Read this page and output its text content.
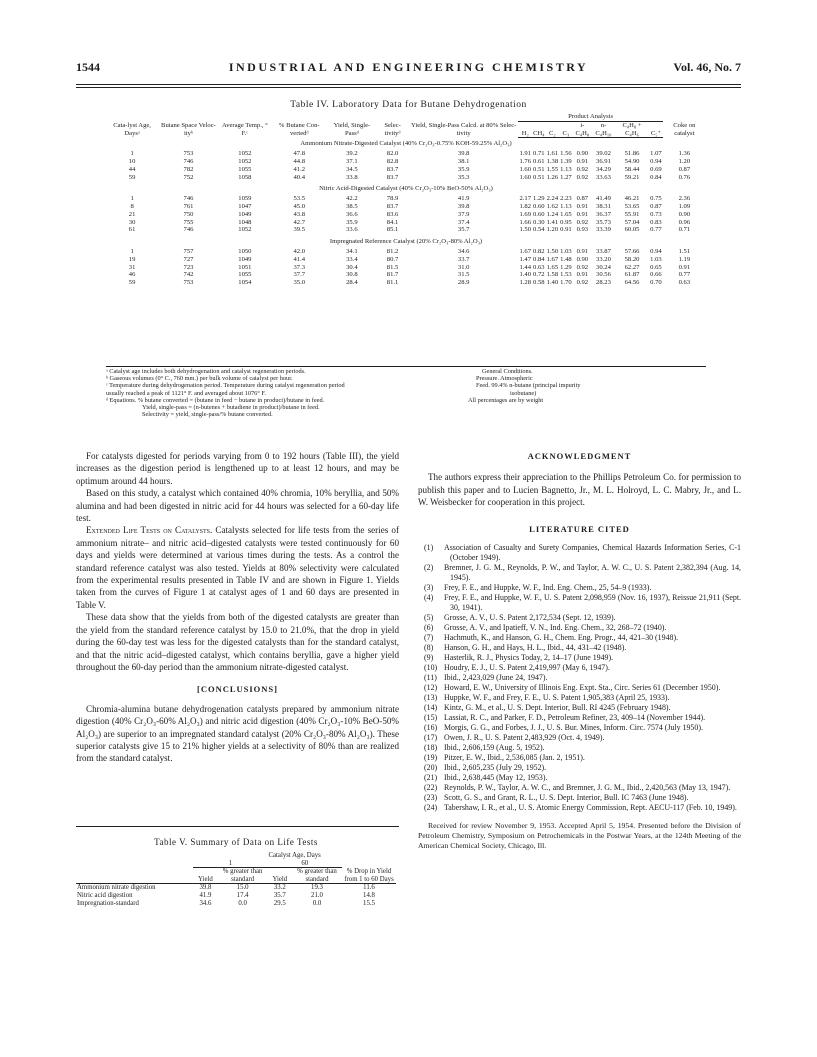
1544	INDUSTRIAL AND ENGINEERING CHEMISTRY	Vol. 46, No. 7
Table IV. Laboratory Data for Butane Dehydrogenation
Cata-lyst Age, Daysᵃ	Butane Space Veloc-ityᵇ	Average Temp., ° F.ᶜ	% Butane Con-vertedᵈ	Yield, Single-Passᵈ	Selec-tivityᵈ	Yield, Single-Pass Calcd. at 80% Selec-tivity	Product Analysis								Coke on catalyst
							H₂	CH₄	C₂	C₃	i-C₄H₈	n-C₄H₁₀	C₄H₈ + C₄H₆	C₅⁺	
Ammonium Nitrate-Digested Catalyst (40% Cr₂O₃-0.75% KOH-59.25% Al₂O₃)															
1	753	1052	47.8	39.2	82.0	39.8	1.91	0.71	1.61	1.56	0.90	39.02	51.86	1.07	1.36
10	746	1052	44.8	37.1	82.8	38.1	1.76	0.61	1.38	1.39	0.91	36.91	54.90	0.94	1.20
44	782	1055	41.2	34.5	83.7	35.9	1.60	0.51	1.55	1.13	0.92	34.29	58.44	0.69	0.87
59	752	1058	40.4	33.8	83.7	35.3	1.60	0.51	1.26	1.27	0.92	33.63	59.21	0.84	0.76
Nitric Acid-Digested Catalyst (40% Cr₂O₃-10% BeO-50% Al₂O₃)															
1	746	1059	53.5	42.2	78.9	41.9	2.17	1.29	2.24	2.23	0.87	41.49	46.21	0.75	2.36
8	761	1047	45.0	38.5	83.7	39.8	1.82	0.60	1.62	1.13	0.91	38.31	53.65	0.87	1.09
21	750	1049	43.8	36.6	83.6	37.9	1.69	0.60	1.24	1.65	0.91	36.37	55.91	0.73	0.90
30	755	1048	42.7	35.9	84.1	37.4	1.66	0.30	1.41	0.95	0.92	35.73	57.04	0.83	0.96
61	746	1052	39.5	33.6	85.1	35.7	1.50	0.54	1.20	0.91	0.93	33.39	60.05	0.77	0.71
Impregnated Reference Catalyst (20% Cr₂O₃-80% Al₂O₃)															
1	757	1050	42.0	34.1	81.2	34.6	1.67	0.82	1.50	1.03	0.91	33.87	57.66	0.94	1.51
19	727	1049	41.4	33.4	80.7	33.7	1.47	0.84	1.67	1.48	0.90	33.20	58.20	1.03	1.19
31	723	1051	37.3	30.4	81.5	31.0	1.44	0.63	1.65	1.29	0.92	30.24	62.27	0.65	0.91
46	742	1055	37.7	30.8	81.7	31.5	1.40	0.72	1.58	1.53	0.91	30.56	61.87	0.66	0.77
59	753	1054	35.0	28.4	81.1	28.9	1.28	0.58	1.40	1.70	0.92	28.23	64.56	0.70	0.63
ᵃ Catalyst age includes both dehydrogenation and catalyst regeneration periods.
ᵇ Gaseous volumes (0° C., 760 mm.) per bulk volume of catalyst per hour.
ᶜ Temperature during dehydrogenation period. Temperature during catalyst regeneration period
usually reached a peak of 1121° F. and averaged about 1076° F.
ᵈ Equations. % butane converted = (butane in feed − butane in product)/butane in feed.
Yield, single-pass = (n-butenes + butadiene in product)/butane in feed.
Selectivity = yield, single-pass/% butane converted.
General Conditions.
Pressure. Atmospheric
Feed. 99.4% n-butane (principal impurity
isobutane)
All percentages are by weight

For catalysts digested for periods varying from 0 to 192 hours (Table III), the yield increases as the digestion period is lengthened up to at least 12 hours, and may be optimum around 44 hours.

Based on this study, a catalyst which contained 40% chromia, 10% beryllia, and 50% alumina and had been digested in nitric acid for 44 hours was selected for a 60-day life test.

Extended Life Tests on Catalysts. Catalysts selected for life tests from the series of ammonium nitrate– and nitric acid–digested catalysts were tested continuously for 60 days and yields were determined at various times during the tests. As a control the standard reference catalyst was also tested. Yields at 80% selectivity were calculated from the experimental results presented in Table IV and are shown in Figure 1. Yields taken from the curves of Figure 1 at catalyst ages of 1 and 60 days are presented in Table V.

These data show that the yields from both of the digested catalysts are greater than the yield from the standard reference catalyst by 15.0 to 21.0%, that the drop in yield during the 60-day test was less for the digested catalysts than for the standard catalyst, and that the nitric acid–digested catalyst, which contains beryllia, gave a higher yield throughout the 60-day period than the ammonium nitrate-digested catalyst.

[CONCLUSIONS]

Chromia-alumina butane dehydrogenation catalysts prepared by ammonium nitrate digestion (40% Cr₂O₃-60% Al₂O₃) and nitric acid digestion (40% Cr₂O₃-10% BeO-50% Al₂O₃) are superior to an impregnated standard catalyst (20% Cr₂O₃-80% Al₂O₃). These superior catalysts give 15 to 21% higher yields at a selectivity of 80% than are realized from the standard catalyst.

Table V. Summary of Data on Life Tests
	Catalyst Age, Days				
	1		60		
	Yield	% greater than standard	Yield	% greater than standard	% Drop in Yield from 1 to 60 Days
Ammonium nitrate digestion	39.8	15.0	33.2	19.3	11.6
Nitric acid digestion	41.9	17.4	35.7	21.0	14.8
Impregnation-standard	34.6	0.0	29.5	0.0	15.5

ACKNOWLEDGMENT

The authors express their appreciation to the Phillips Petroleum Co. for permission to publish this paper and to Lucien Bagnetto, Jr., M. L. Holroyd, L. C. Mabry, Jr., and L. W. Weisbecker for cooperation in this project.

LITERATURE CITED

(1)	Association of Casualty and Surety Companies, Chemical Hazards Information Series, C-1 (October 1949).
(2)	Bremner, J. G. M., Reynolds, P. W., and Taylor, A. W. C., U. S. Patent 2,382,394 (Aug. 14, 1945).
(3)	Frey, F. E., and Huppke, W. F., Ind. Eng. Chem., 25, 54–9 (1933).
(4)	Frey, F. E., and Huppke, W. F., U. S. Patent 2,098,959 (Nov. 16, 1937), Reissue 21,911 (Sept. 30, 1941).
(5)	Grosse, A. V., U. S. Patent 2,172,534 (Sept. 12, 1939).
(6)	Grosse, A. V., and Ipatieff, V. N., Ind. Eng. Chem., 32, 268–72 (1940).
(7)	Hachmuth, K., and Hanson, G. H., Chem. Eng. Progr., 44, 421–30 (1948).
(8)	Hanson, G. H., and Hays, H. L., Ibid., 44, 431–42 (1948).
(9)	Hasterlik, R. J., Physics Today, 2, 14–17 (June 1949).
(10) Houdry, E. J., U. S. Patent 2,419,997 (May 6, 1947).
(11) Ibid., 2,423,029 (June 24, 1947).
(12) Howard, E. W., University of Illinois Eng. Expt. Sta., Circ. Series 61 (December 1950).
(13) Huppke, W. F., and Frey, F. E., U. S. Patent 1,905,383 (April 25, 1933).
(14) Kintz, G. M., et al., U. S. Dept. Interior, Bull. RI 4245 (February 1948).
(15) Lassiat, R. C., and Parker, F. D., Petroleum Refiner, 23, 409–14 (November 1944).
(16) Morgis, G. G., and Forbes, J. J., U. S. Bur. Mines, Inform. Circ. 7574 (July 1950).
(17) Owen, J. R., U. S. Patent 2,483,929 (Oct. 4, 1949).
(18) Ibid., 2,606,159 (Aug. 5, 1952).
(19) Pitzer, E. W., Ibid., 2,536,085 (Jan. 2, 1951).
(20) Ibid., 2,605,235 (July 29, 1952).
(21) Ibid., 2,638,445 (May 12, 1953).
(22) Reynolds, P. W., Taylor, A. W. C., and Bremner, J. G. M., Ibid., 2,420,563 (May 13, 1947).
(23) Scott, G. S., and Grant, R. L., U. S. Dept. Interior, Bull. IC 7463 (June 1948).
(24) Tabershaw, I. R., et al., U. S. Atomic Energy Commission, Rept. AECU-117 (Feb. 10, 1949).

Received for review November 9, 1953. Accepted April 5, 1954. Presented before the Division of Petroleum Chemistry, Symposium on Petrochemicals in the Postwar Years, at the 124th Meeting of the American Chemical Society, Chicago, Ill.
